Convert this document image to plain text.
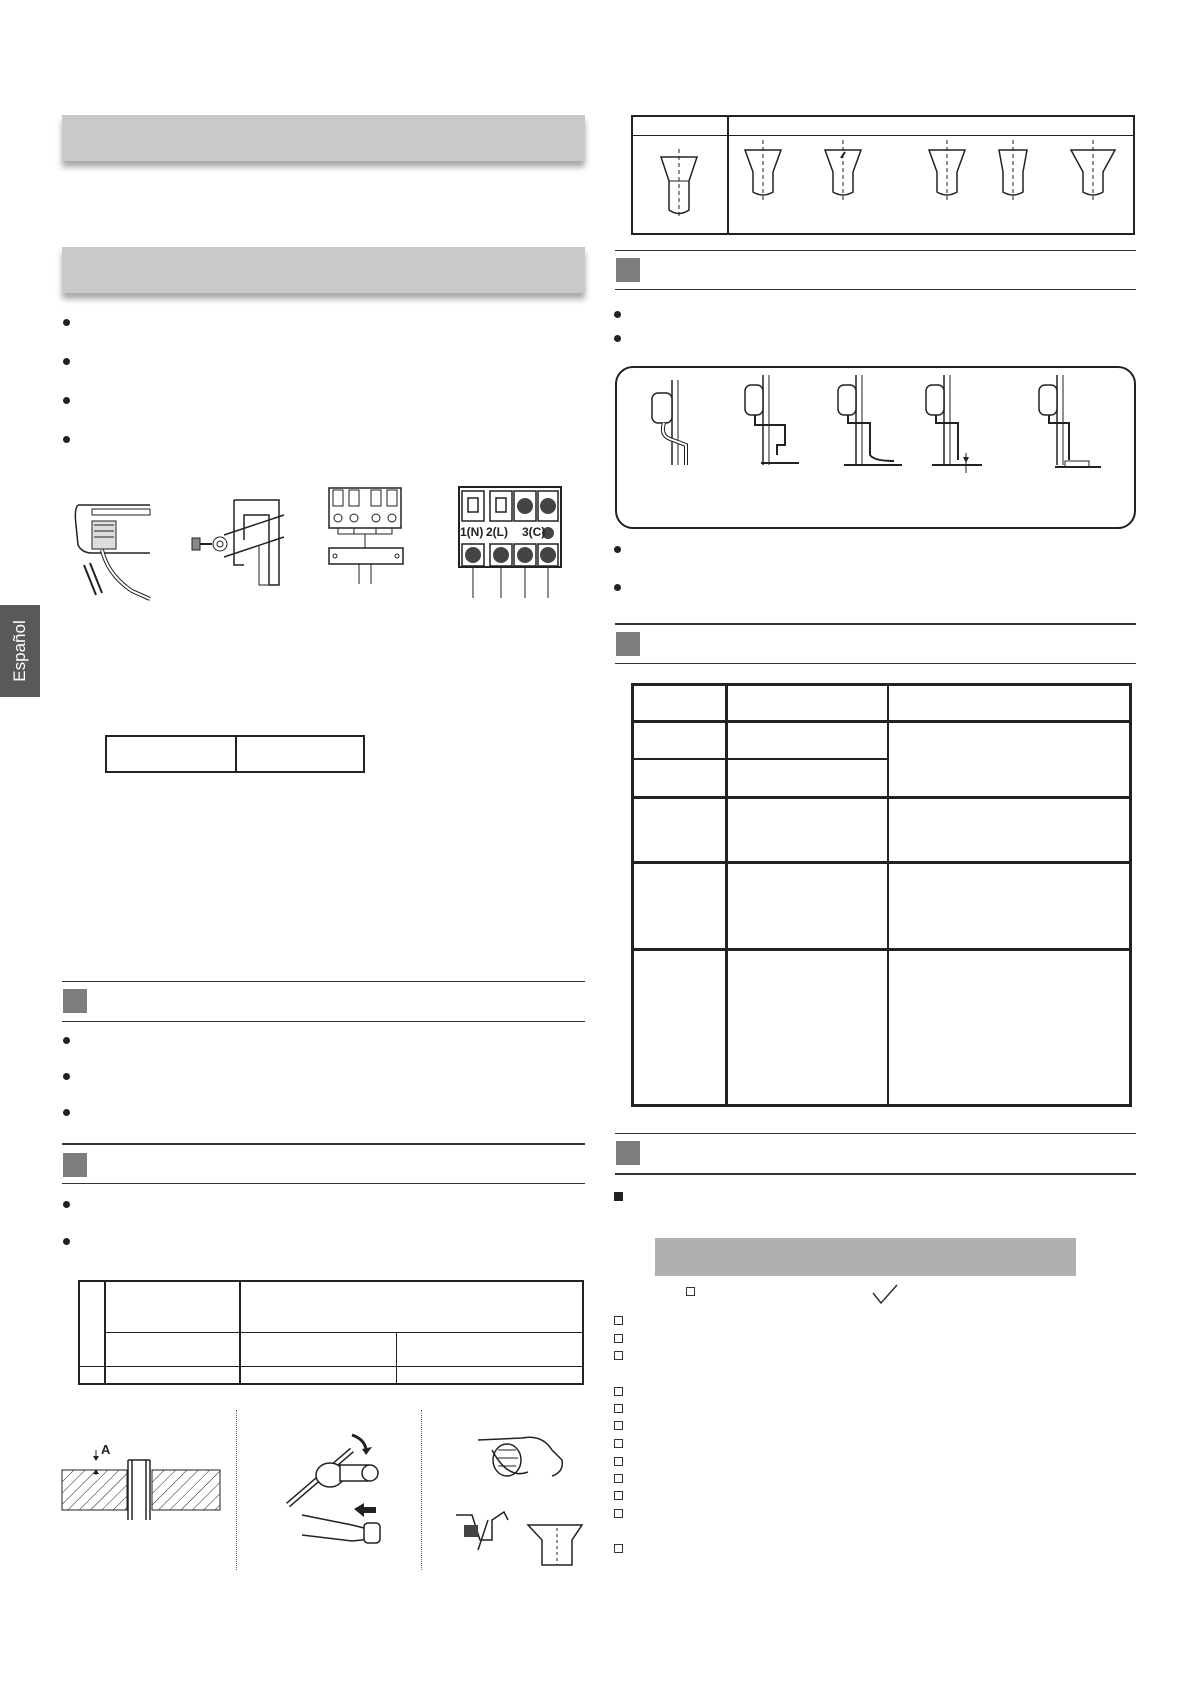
Español
1(N) 2(L) 3(C)
A
